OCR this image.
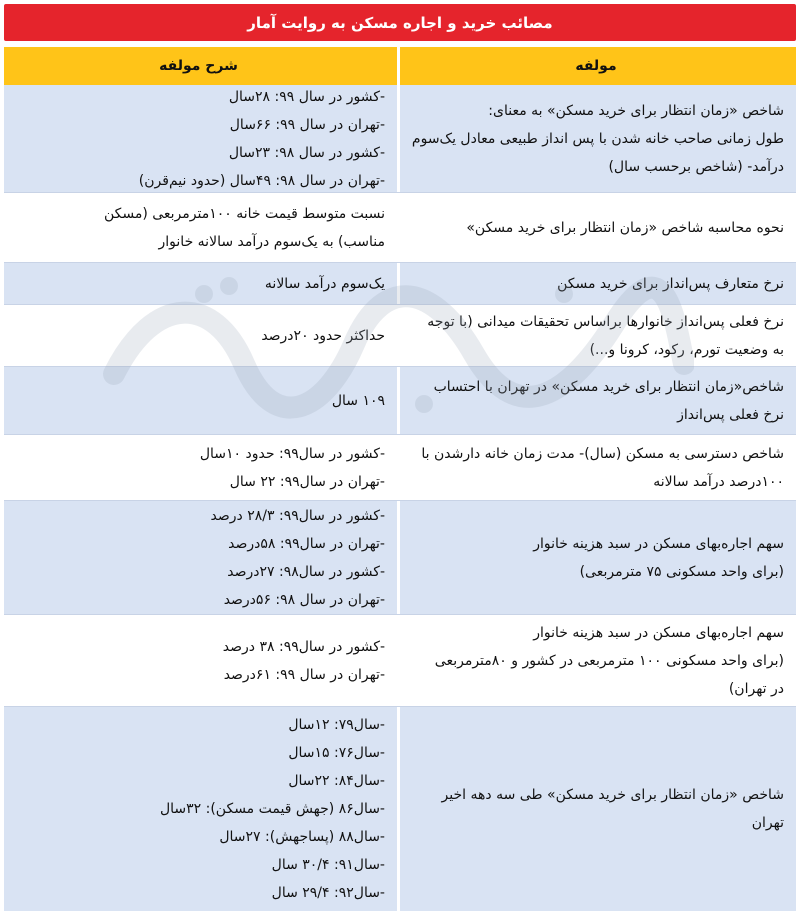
مصائب خرید و اجاره مسکن به روایت آمار
مولفه
شرح مولفه
شاخص «زمان انتظار برای خرید مسکن» به معنای:
طول زمانی صاحب خانه شدن با پس انداز طبیعی معادل یک‌سوم
درآمد- (شاخص برحسب سال)
-کشور در سال ۹۹: ۲۸سال
-تهران در سال ۹۹: ۶۶سال
-کشور در سال ۹۸: ۲۳سال
-تهران در سال ۹۸: ۴۹سال (حدود نیم‌قرن)
نحوه محاسبه شاخص «زمان انتظار برای خرید مسکن»
نسبت متوسط قیمت خانه ۱۰۰مترمربعی (مسکن
مناسب) به یک‌سوم درآمد سالانه خانوار
نرخ متعارف پس‌انداز برای خرید مسکن
یک‌سوم درآمد سالانه
نرخ فعلی پس‌انداز خانوارها براساس تحقیقات میدانی (با توجه
به وضعیت تورم، رکود، کرونا و...)
حداکثر حدود ۲۰درصد
شاخص«زمان انتظار برای خرید مسکن» در تهران با احتساب
نرخ فعلی پس‌انداز
۱۰۹ سال
شاخص دسترسی به مسکن (سال)- مدت زمان خانه دارشدن با
۱۰۰درصد درآمد سالانه
-کشور در سال۹۹: حدود ۱۰سال
-تهران در سال۹۹: ۲۲ سال
سهم اجاره‌بهای مسکن در سبد هزینه خانوار
(برای واحد مسکونی ۷۵ مترمربعی)
-کشور در سال۹۹: ۲۸/۳ درصد
-تهران در سال۹۹: ۵۸درصد
-کشور در سال۹۸: ۲۷درصد
-تهران در سال ۹۸: ۵۶درصد
سهم اجاره‌بهای مسکن در سبد هزینه خانوار
(برای واحد مسکونی ۱۰۰ مترمربعی در کشور و ۸۰مترمربعی
در تهران)
-کشور در سال۹۹: ۳۸ درصد
-تهران در سال ۹۹: ۶۱درصد
شاخص «زمان انتظار برای خرید مسکن» طی سه دهه اخیر
تهران
-سال۷۹: ۱۲سال
-سال۷۶: ۱۵سال
-سال۸۴: ۲۲سال
-سال۸۶ (جهش قیمت مسکن): ۳۲سال
-سال۸۸ (پساجهش): ۲۷سال
-سال۹۱: ۳۰/۴ سال
-سال۹۲: ۲۹/۴ سال
